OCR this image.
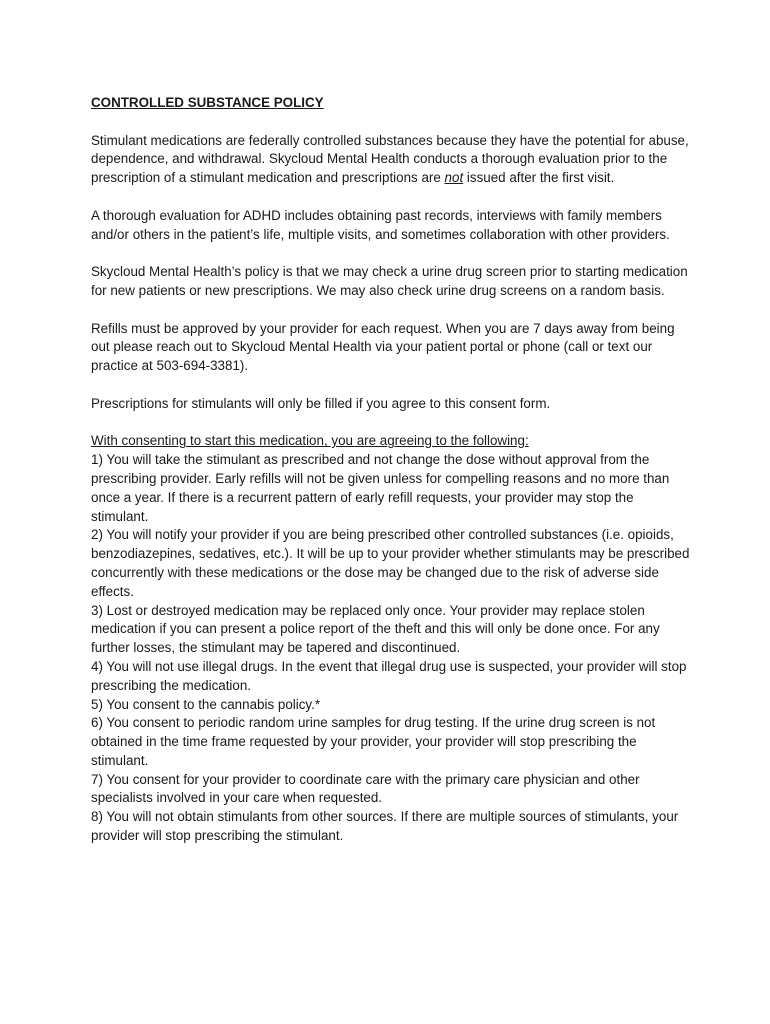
CONTROLLED SUBSTANCE POLICY

Stimulant medications are federally controlled substances because they have the potential for abuse, dependence, and withdrawal. Skycloud Mental Health conducts a thorough evaluation prior to the prescription of a stimulant medication and prescriptions are not issued after the first visit.

A thorough evaluation for ADHD includes obtaining past records, interviews with family members and/or others in the patient’s life, multiple visits, and sometimes collaboration with other providers.

Skycloud Mental Health’s policy is that we may check a urine drug screen prior to starting medication for new patients or new prescriptions. We may also check urine drug screens on a random basis.

Refills must be approved by your provider for each request. When you are 7 days away from being out please reach out to Skycloud Mental Health via your patient portal or phone (call or text our practice at 503-694-3381).

Prescriptions for stimulants will only be filled if you agree to this consent form.

With consenting to start this medication, you are agreeing to the following:

1) You will take the stimulant as prescribed and not change the dose without approval from the prescribing provider. Early refills will not be given unless for compelling reasons and no more than once a year. If there is a recurrent pattern of early refill requests, your provider may stop the stimulant.

2) You will notify your provider if you are being prescribed other controlled substances (i.e. opioids, benzodiazepines, sedatives, etc.). It will be up to your provider whether stimulants may be prescribed concurrently with these medications or the dose may be changed due to the risk of adverse side effects.

3) Lost or destroyed medication may be replaced only once. Your provider may replace stolen medication if you can present a police report of the theft and this will only be done once. For any further losses, the stimulant may be tapered and discontinued.

4) You will not use illegal drugs. In the event that illegal drug use is suspected, your provider will stop prescribing the medication.

5) You consent to the cannabis policy.*

6) You consent to periodic random urine samples for drug testing. If the urine drug screen is not obtained in the time frame requested by your provider, your provider will stop prescribing the stimulant.

7) You consent for your provider to coordinate care with the primary care physician and other specialists involved in your care when requested.

8) You will not obtain stimulants from other sources. If there are multiple sources of stimulants, your provider will stop prescribing the stimulant.
